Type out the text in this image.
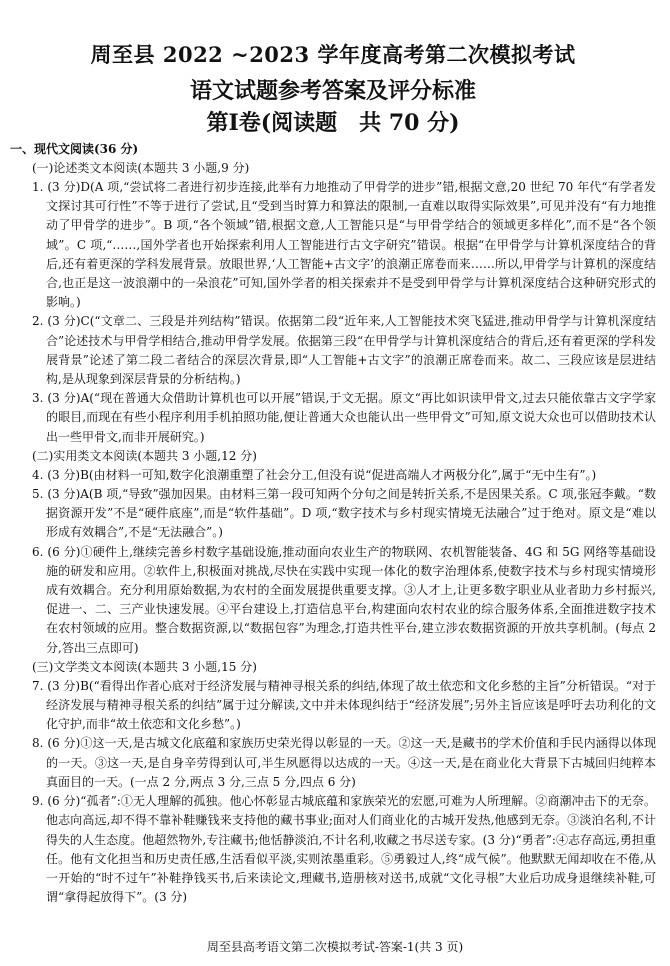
周至县 2022 ~2023 学年度高考第二次模拟考试
语文试题参考答案及评分标准
第Ⅰ卷(阅读题　共 70 分)
一、现代文阅读(36 分)
(一)论述类文本阅读(本题共 3 小题,9 分)

1. (3 分)D(A 项,“尝试将二者进行初步连接,此举有力地推动了甲骨学的进步”错,根据文意,20 世纪 70 年代“有学者发文探讨其可行性”不等于进行了尝试,且“受到当时算力和算法的限制,一直难以取得实际效果”,可见并没有“有力地推动了甲骨学的进步”。B 项,“各个领域”错,根据文意,人工智能只是“与甲骨学结合的领域更多样化”,而不是“各个领域”。C 项,“……,国外学者也开始探索利用人工智能进行古文字研究”错误。根据“在甲骨学与计算机深度结合的背后,还有着更深的学科发展背景。放眼世界,‘人工智能+古文字’的浪潮正席卷而来……所以,甲骨学与计算机的深度结合,也正是这一波浪潮中的一朵浪花”可知,国外学者的相关探索并不是受到甲骨学与计算机深度结合这种研究形式的影响。)

2. (3 分)C(“文章二、三段是并列结构”错误。依据第二段“近年来,人工智能技术突飞猛进,推动甲骨学与计算机深度结合”论述技术与甲骨学相结合,推动甲骨学发展。依据第三段“在甲骨学与计算机深度结合的背后,还有着更深的学科发展背景”论述了第二段二者结合的深层次背景,即“人工智能+古文字”的浪潮正席卷而来。故二、三段应该是层进结构,是从现象到深层背景的分析结构。)

3. (3 分)A(“现在普通大众借助计算机也可以开展”错误,于文无据。原文“再比如识读甲骨文,过去只能依靠古文字学家的眼目,而现在有些小程序利用手机拍照功能,便让普通大众也能认出一些甲骨文”可知,原文说大众也可以借助技术认出一些甲骨文,而非开展研究。)

(二)实用类文本阅读(本题共 3 小题,12 分)

4. (3 分)B(由材料一可知,数字化浪潮重塑了社会分工,但没有说“促进高端人才两极分化”,属于“无中生有”。)

5. (3 分)A(B 项,“导致”强加因果。由材料三第一段可知两个分句之间是转折关系,不是因果关系。C 项,张冠李戴。“数据资源开发”不是“硬件底座”,而是“软件基础”。D 项,“数字技术与乡村现实情境无法融合”过于绝对。原文是“难以形成有效耦合”,不是“无法融合”。)

6. (6 分)①硬件上,继续完善乡村数字基础设施,推动面向农业生产的物联网、农机智能装备、4G 和 5G 网络等基础设施的研发和应用。②软件上,积极面对挑战,尽快在实践中实现一体化的数字治理体系,使数字技术与乡村现实情境形成有效耦合。充分利用原始数据,为农村的全面发展提供重要支撑。③人才上,让更多数字职业从业者助力乡村振兴,促进一、二、三产业快速发展。④平台建设上,打造信息平台,构建面向农村农业的综合服务体系,全面推进数字技术在农村领域的应用。整合数据资源,以“数据包容”为理念,打造共性平台,建立涉农数据资源的开放共享机制。(每点 2 分,答出三点即可)

(三)文学类文本阅读(本题共 3 小题,15 分)

7. (3 分)B(“看得出作者心底对于经济发展与精神寻根关系的纠结,体现了故土依恋和文化乡愁的主旨”分析错误。“对于经济发展与精神寻根关系的纠结”属于过分解读,文中并未体现纠结于“经济发展”;另外主旨应该是呼吁去功利化的文化守护,而非“故土依恋和文化乡愁”。)

8. (6 分)①这一天,是古城文化底蕴和家族历史荣光得以彰显的一天。②这一天,是藏书的学术价值和手民内涵得以体现的一天。③这一天,是自身辛劳得到认可,半生夙愿得以达成的一天。④这一天,是在商业化大背景下古城回归纯粹本真面目的一天。(一点 2 分,两点 3 分,三点 5 分,四点 6 分)

9. (6 分)“孤者”:①无人理解的孤独。他心怀彰显古城底蕴和家族荣光的宏愿,可难为人所理解。②商潮冲击下的无奈。他志向高远,却不得不靠补鞋赚钱来支持他的藏书事业;面对人们商业化的古城开发热,他感到无奈。③淡泊名利,不计得失的人生态度。他超然物外,专注藏书;他恬静淡泊,不计名利,收藏之书尽送专家。(3 分)“勇者”:④志存高远,勇担重任。他有文化担当和历史责任感,生活看似平淡,实则浓墨重彩。⑤勇毅过人,终“成气候”。他默默无闻却收在不倦,从一开始的“时不过午”补鞋挣钱买书,后来读论文,理藏书,造册核对送书,成就“文化寻根”大业后功成身退继续补鞋,可谓“拿得起放得下”。(3 分)

周至县高考语文第二次模拟考试-答案-1(共 3 页)
